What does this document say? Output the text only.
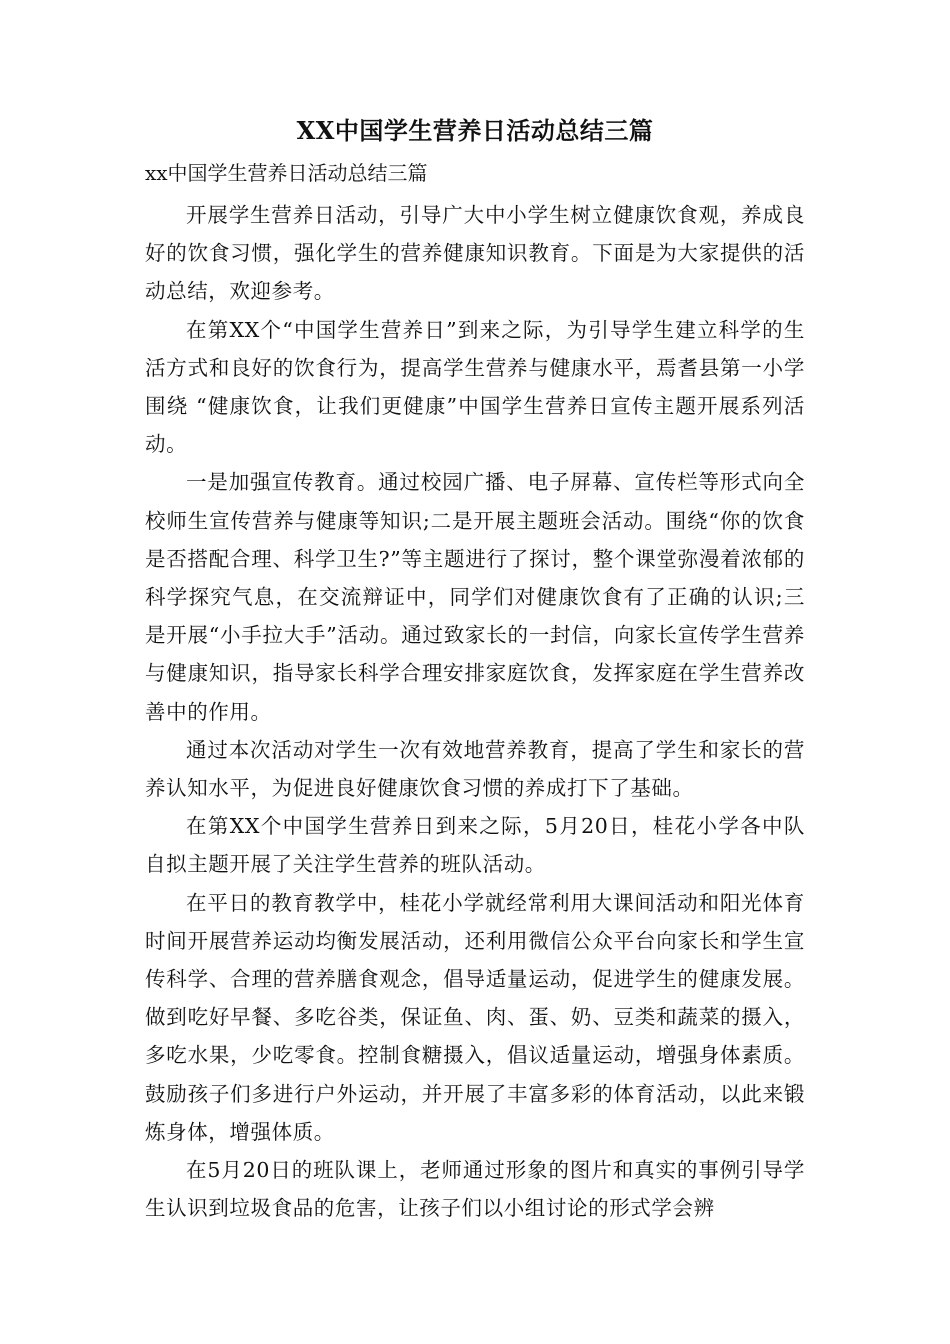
XX中国学生营养日活动总结三篇
xx中国学生营养日活动总结三篇

开展学生营养日活动，引导广大中小学生树立健康饮食观，养成良好的饮食习惯，强化学生的营养健康知识教育。下面是为大家提供的活动总结，欢迎参考。

在第XX个“中国学生营养日”到来之际，为引导学生建立科学的生活方式和良好的饮食行为，提高学生营养与健康水平，焉耆县第一小学围绕 “健康饮食，让我们更健康”中国学生营养日宣传主题开展系列活动。

一是加强宣传教育。通过校园广播、电子屏幕、宣传栏等形式向全校师生宣传营养与健康等知识;二是开展主题班会活动。围绕“你的饮食是否搭配合理、科学卫生?”等主题进行了探讨，整个课堂弥漫着浓郁的科学探究气息，在交流辩证中，同学们对健康饮食有了正确的认识;三是开展“小手拉大手”活动。通过致家长的一封信，向家长宣传学生营养与健康知识，指导家长科学合理安排家庭饮食，发挥家庭在学生营养改善中的作用。

通过本次活动对学生一次有效地营养教育，提高了学生和家长的营养认知水平，为促进良好健康饮食习惯的养成打下了基础。

在第XX个中国学生营养日到来之际，5月20日，桂花小学各中队自拟主题开展了关注学生营养的班队活动。

在平日的教育教学中，桂花小学就经常利用大课间活动和阳光体育时间开展营养运动均衡发展活动，还利用微信公众平台向家长和学生宣传科学、合理的营养膳食观念，倡导适量运动，促进学生的健康发展。做到吃好早餐、多吃谷类，保证鱼、肉、蛋、奶、豆类和蔬菜的摄入，多吃水果，少吃零食。控制食糖摄入，倡议适量运动，增强身体素质。鼓励孩子们多进行户外运动，并开展了丰富多彩的体育活动，以此来锻炼身体，增强体质。

在5月20日的班队课上，老师通过形象的图片和真实的事例引导学生认识到垃圾食品的危害，让孩子们以小组讨论的形式学会辨
